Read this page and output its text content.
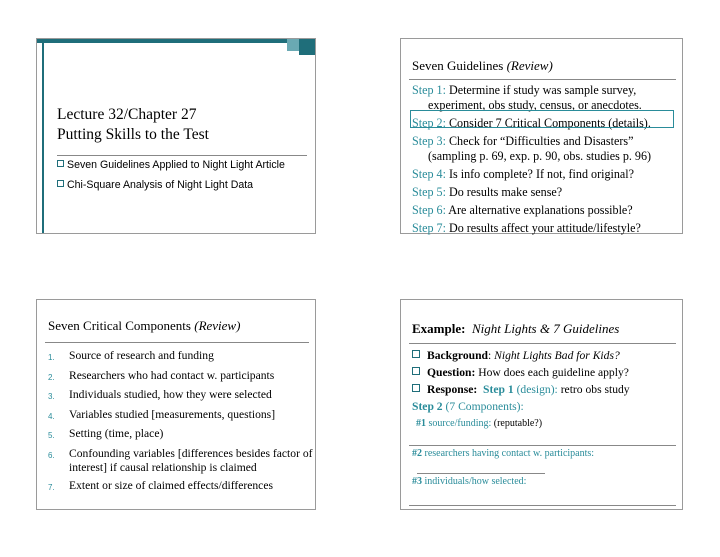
Lecture 32/Chapter 27
Putting Skills to the Test
Seven Guidelines Applied to Night Light Article
Chi-Square Analysis of Night Light Data
Seven Guidelines (Review)
Step 1: Determine if study was sample survey,
experiment, obs study, census, or anecdotes.
Step 2: Consider 7 Critical Components (details).
Step 3: Check for “Difficulties and Disasters”
(sampling p. 69, exp. p. 90, obs. studies p. 96)
Step 4: Is info complete? If not, find original?
Step 5: Do results make sense?
Step 6: Are alternative explanations possible?
Step 7: Do results affect your attitude/lifestyle?
Seven Critical Components (Review)
1.	Source of research and funding
2.	Researchers who had contact w. participants
3.	Individuals studied, how they were selected
4.	Variables studied [measurements, questions]
5.	Setting (time, place)
6.	Confounding variables [differences besides factor of interest] if causal relationship is claimed
7.	Extent or size of claimed effects/differences
Example: Night Lights & 7 Guidelines
Background: Night Lights Bad for Kids?
Question: How does each guideline apply?
Response: Step 1 (design): retro obs study
Step 2 (7 Components):
#1 source/funding: (reputable?)
#2 researchers having contact w. participants:
#3 individuals/how selected:
